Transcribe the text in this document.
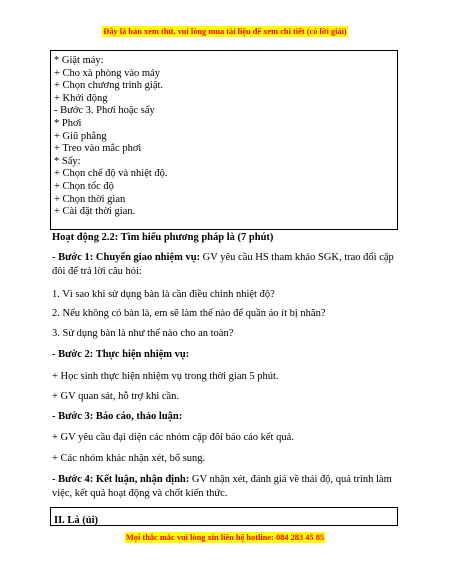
Đây là bản xem thử, vui lòng mua tài liệu để xem chi tiết (có lời giải)
* Giặt máy:
+ Cho xà phòng vào máy
+ Chọn chương trình giặt.
+ Khởi động
- Bước 3. Phơi hoặc sấy
* Phơi
+ Giũ phẳng
+ Treo vào mắc phơi
* Sấy:
+ Chọn chế độ và nhiệt độ.
+ Chọn tốc độ
+ Chọn thời gian
+ Cài đặt thời gian.
Hoạt động 2.2: Tìm hiểu phương pháp là (7 phút)
- Bước 1: Chuyển giao nhiệm vụ: GV yêu cầu HS tham khảo SGK, trao đổi cặp đôi để trả lời câu hỏi:
1. Vì sao khi sử dụng bàn là cần điều chỉnh nhiệt độ?
2. Nếu không có bàn là, em sẽ làm thế nào để quần áo ít bị nhăn?
3. Sử dụng bàn là như thế nào cho an toàn?
- Bước 2: Thực hiện nhiệm vụ:
+ Học sinh thực hiện nhiệm vụ trong thời gian 5 phút.
+ GV quan sát, hỗ trợ khi cần.
- Bước 3: Báo cáo, thảo luận:
+ GV yêu cầu đại diện các nhóm cặp đôi báo cáo kết quả.
+ Các nhóm khác nhận xét, bổ sung.
- Bước 4: Kết luận, nhận định: GV nhận xét, đánh giá về thái độ, quá trình làm việc, kết quả hoạt động và chốt kiến thức.
II. Là (ủi)
Mọi thắc mắc vui lòng xin liên hệ hotline: 084 283 45 85
